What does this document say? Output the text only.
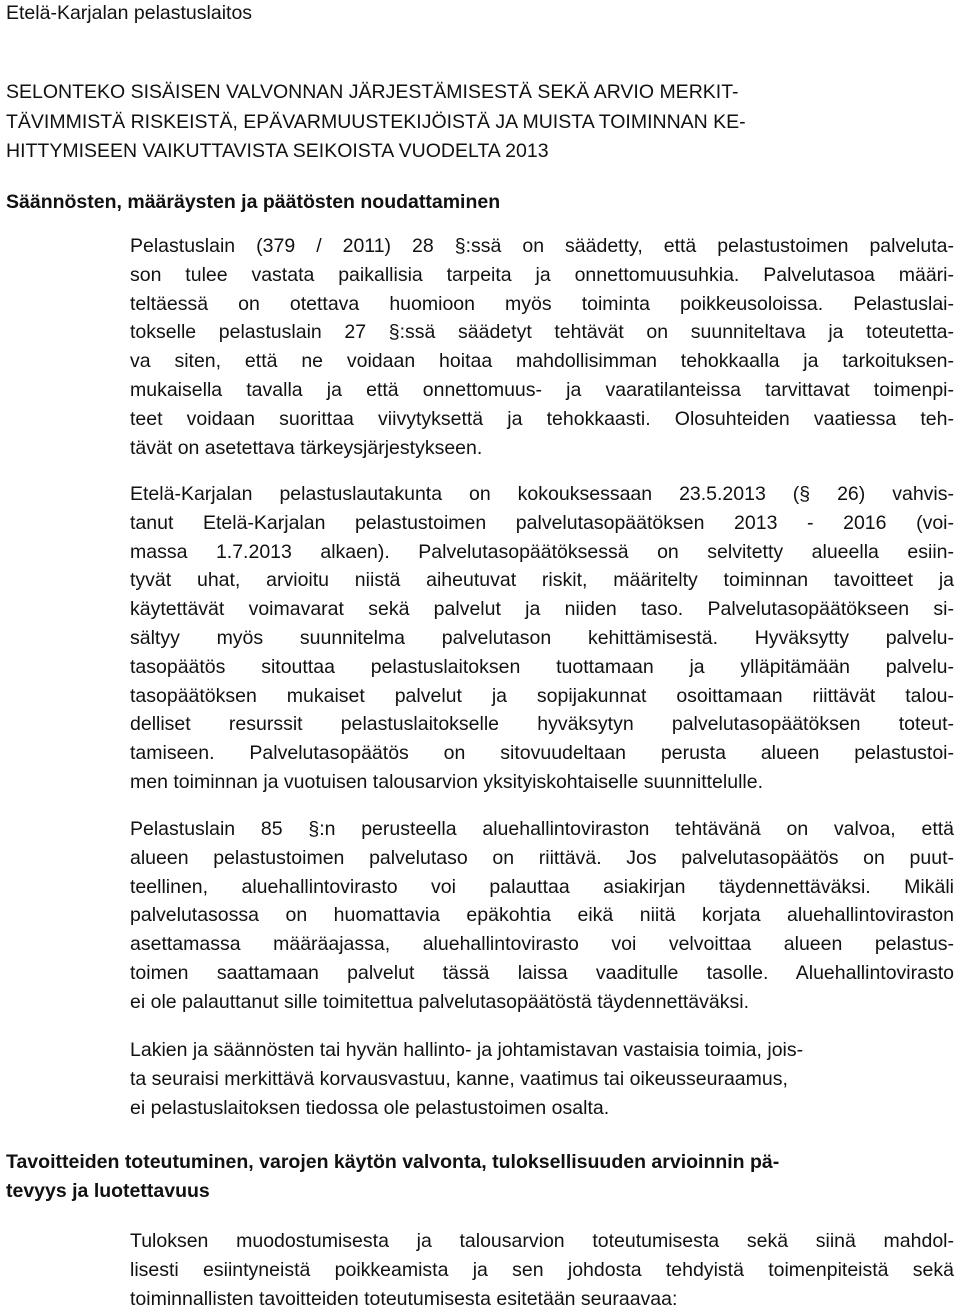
Etelä-Karjalan pelastuslaitos
SELONTEKO SISÄISEN VALVONNAN JÄRJESTÄMISESTÄ SEKÄ ARVIO MERKIT-
TÄVIMMISTÄ RISKEISTÄ, EPÄVARMUUSTEKIJÖISTÄ JA MUISTA TOIMINNAN KE-
HITTYMISEEN VAIKUTTAVISTA SEIKOISTA VUODELTA 2013
Säännösten, määräysten ja päätösten noudattaminen
Pelastuslain (379 / 2011) 28 §:ssä on säädetty, että pelastustoimen palveluta-
son tulee vastata paikallisia tarpeita ja onnettomuusuhkia. Palvelutasoa määri-
teltäessä on otettava huomioon myös toiminta poikkeusoloissa. Pelastuslai-
tokselle pelastuslain 27 §:ssä säädetyt tehtävät on suunniteltava ja toteutetta-
va siten, että ne voidaan hoitaa mahdollisimman tehokkaalla ja tarkoituksen-
mukaisella tavalla ja että onnettomuus- ja vaaratilanteissa tarvittavat toimenpi-
teet voidaan suorittaa viivytyksettä ja tehokkaasti. Olosuhteiden vaatiessa teh-
tävät on asetettava tärkeysjärjestykseen.
Etelä-Karjalan pelastuslautakunta on kokouksessaan 23.5.2013 (§ 26) vahvis-
tanut Etelä-Karjalan pelastustoimen palvelutasopäätöksen 2013 - 2016 (voi-
massa 1.7.2013 alkaen). Palvelutasopäätöksessä on selvitetty alueella esiin-
tyvät uhat, arvioitu niistä aiheutuvat riskit, määritelty toiminnan tavoitteet ja
käytettävät voimavarat sekä palvelut ja niiden taso. Palvelutasopäätökseen si-
sältyy myös suunnitelma palvelutason kehittämisestä. Hyväksytty palvelu-
tasopäätös sitouttaa pelastuslaitoksen tuottamaan ja ylläpitämään palvelu-
tasopäätöksen mukaiset palvelut ja sopijakunnat osoittamaan riittävät talou-
delliset resurssit pelastuslaitokselle hyväksytyn palvelutasopäätöksen toteut-
tamiseen. Palvelutasopäätös on sitovuudeltaan perusta alueen pelastustoi-
men toiminnan ja vuotuisen talousarvion yksityiskohtaiselle suunnittelulle.
Pelastuslain 85 §:n perusteella aluehallintoviraston tehtävänä on valvoa, että
alueen pelastustoimen palvelutaso on riittävä. Jos palvelutasopäätös on puut-
teellinen, aluehallintovirasto voi palauttaa asiakirjan täydennettäväksi. Mikäli
palvelutasossa on huomattavia epäkohtia eikä niitä korjata aluehallintoviraston
asettamassa määräajassa, aluehallintovirasto voi velvoittaa alueen pelastus-
toimen saattamaan palvelut tässä laissa vaaditulle tasolle. Aluehallintovirasto
ei ole palauttanut sille toimitettua palvelutasopäätöstä täydennettäväksi.
Lakien ja säännösten tai hyvän hallinto- ja johtamistavan vastaisia toimia, jois-
ta seuraisi merkittävä korvausvastuu, kanne, vaatimus tai oikeusseuraamus,
ei pelastuslaitoksen tiedossa ole pelastustoimen osalta.
Tavoitteiden toteutuminen, varojen käytön valvonta, tuloksellisuuden arvioinnin pä-
tevyys ja luotettavuus
Tuloksen muodostumisesta ja talousarvion toteutumisesta sekä siinä mahdol-
lisesti esiintyneistä poikkeamista ja sen johdosta tehdyistä toimenpiteistä sekä
toiminnallisten tavoitteiden toteutumisesta esitetään seuraavaa:
